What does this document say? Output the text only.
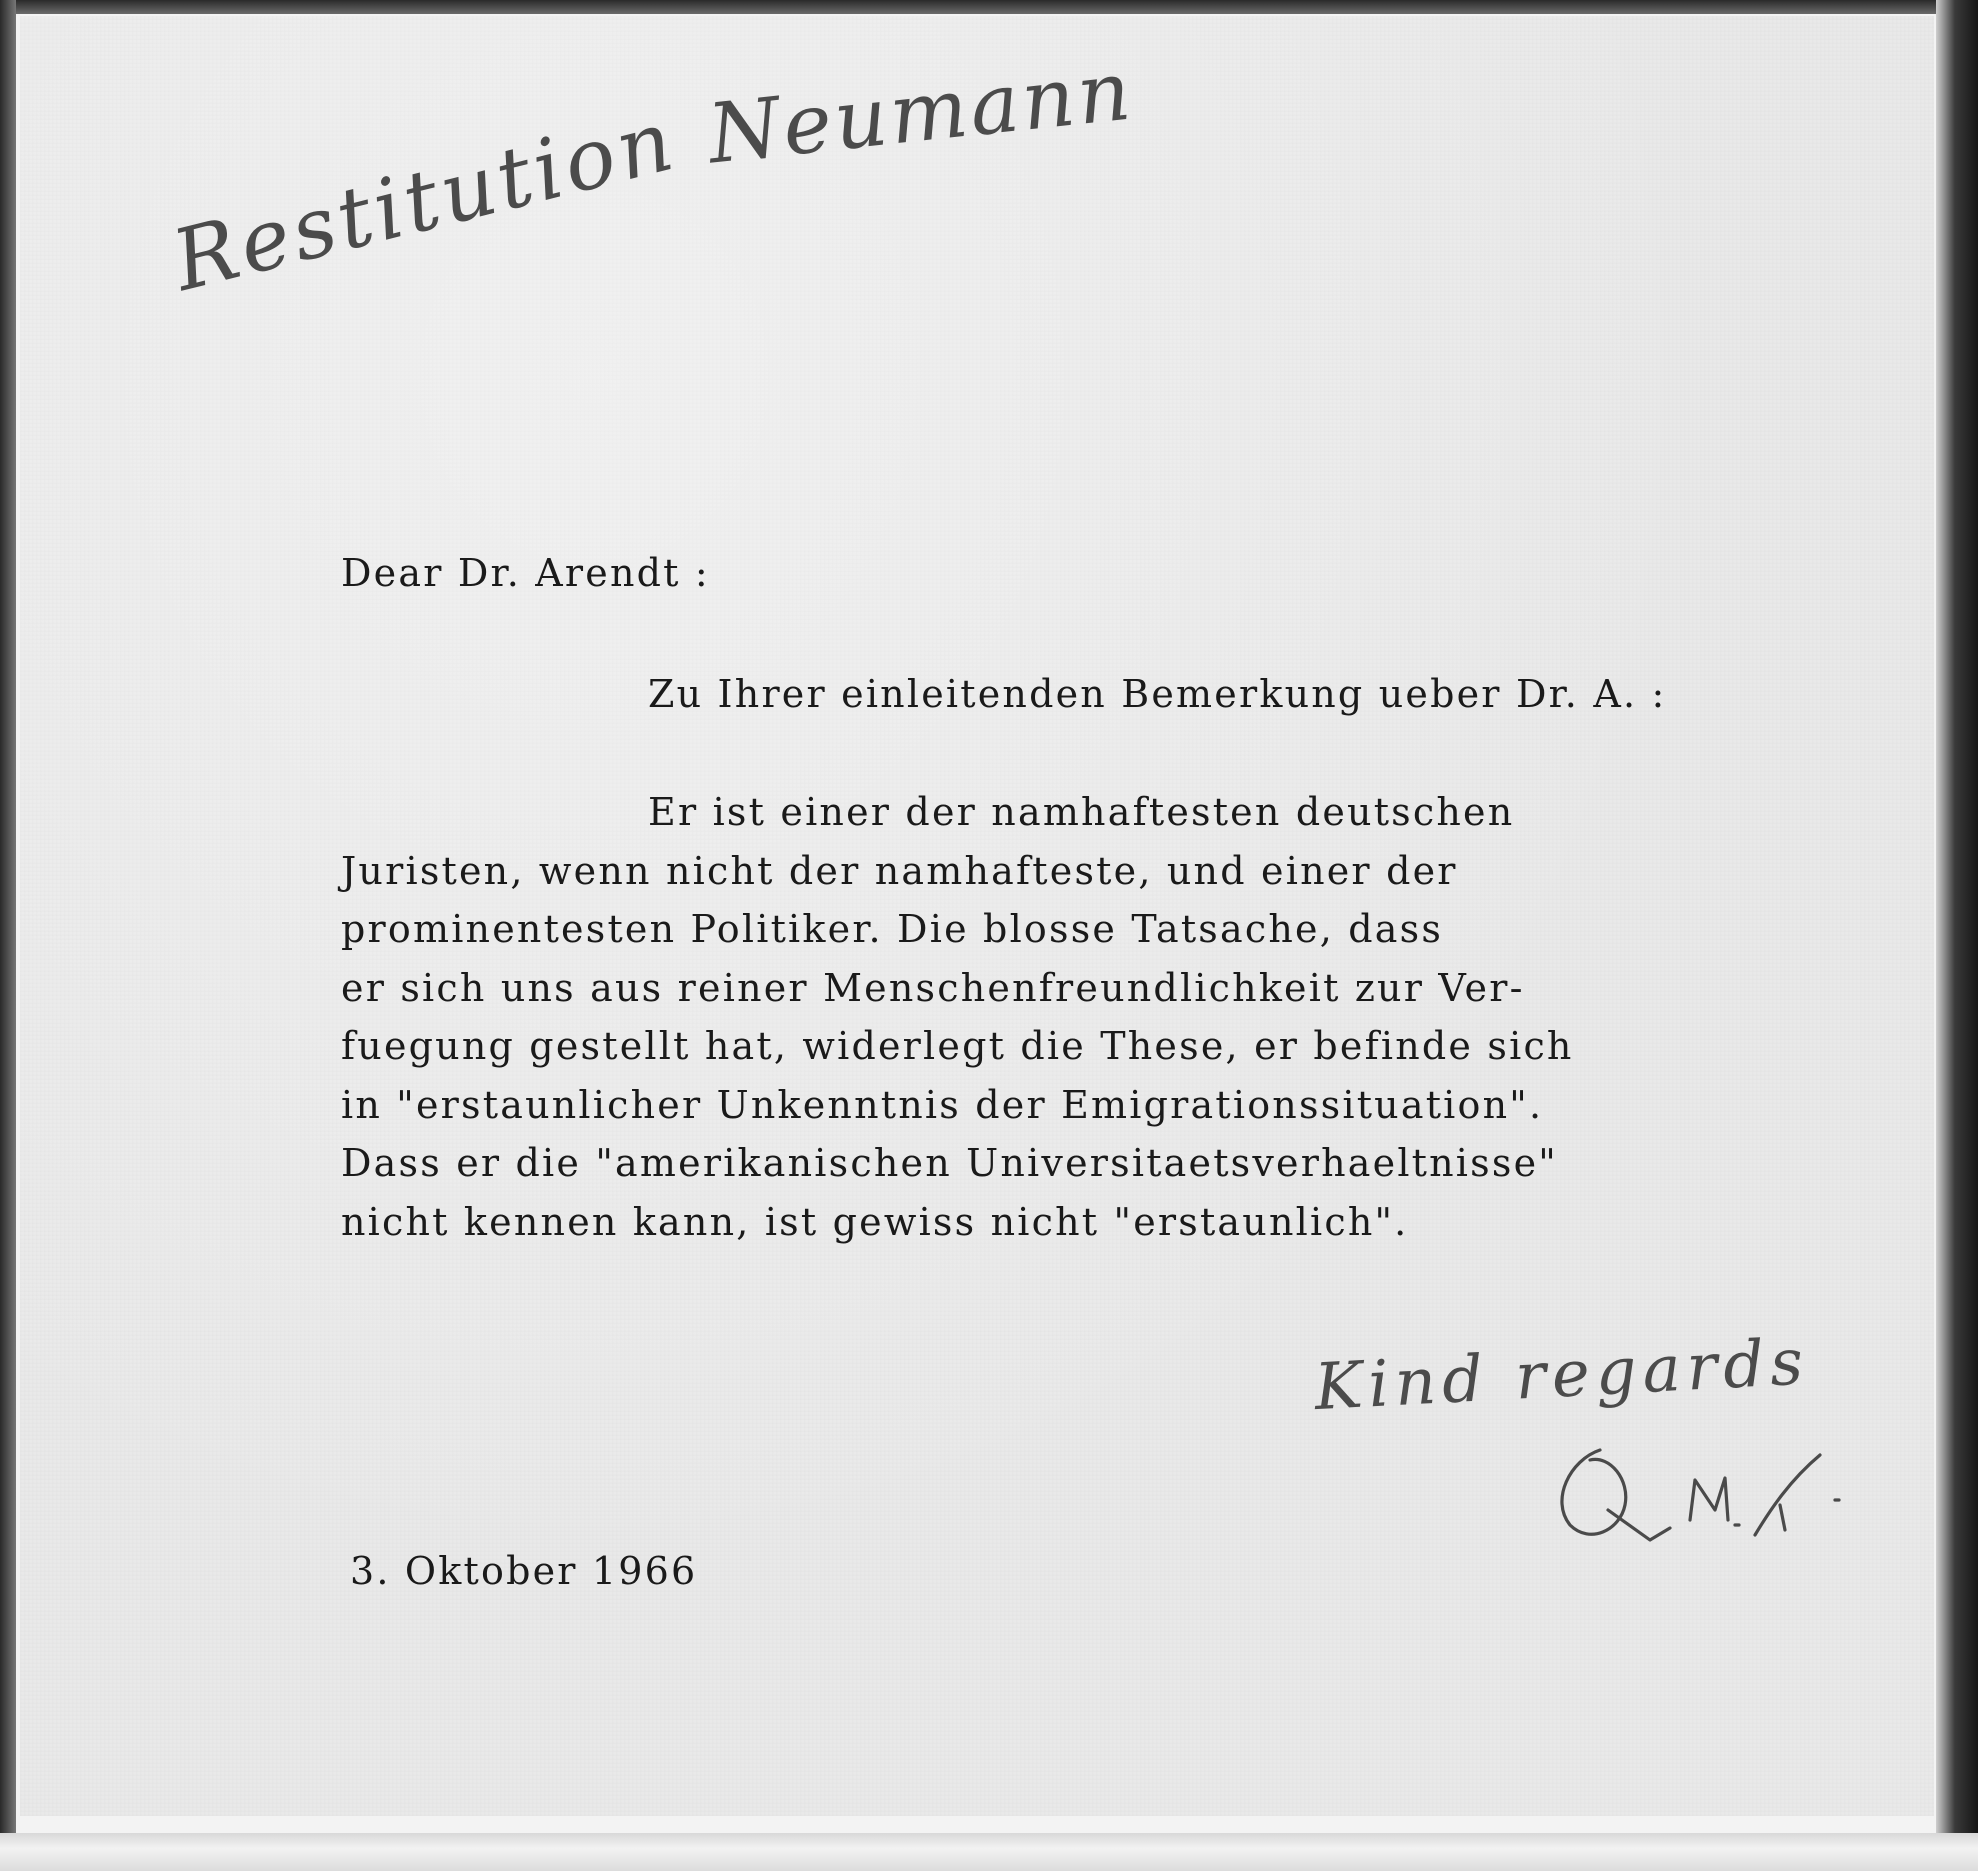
Restitution Neumann
Dear Dr. Arendt :
Zu Ihrer einleitenden Bemerkung ueber Dr. A. :
Er ist einer der namhaftesten deutschen
Juristen, wenn nicht der namhafteste, und einer der
prominentesten Politiker. Die blosse Tatsache, dass
er sich uns aus reiner Menschenfreundlichkeit zur Ver-
fuegung gestellt hat, widerlegt die These, er befinde sich
in "erstaunlicher Unkenntnis der Emigrationssituation".
Dass er die "amerikanischen Universitaetsverhaeltnisse"
nicht kennen kann, ist gewiss nicht "erstaunlich".
Kind regards
3. Oktober 1966
